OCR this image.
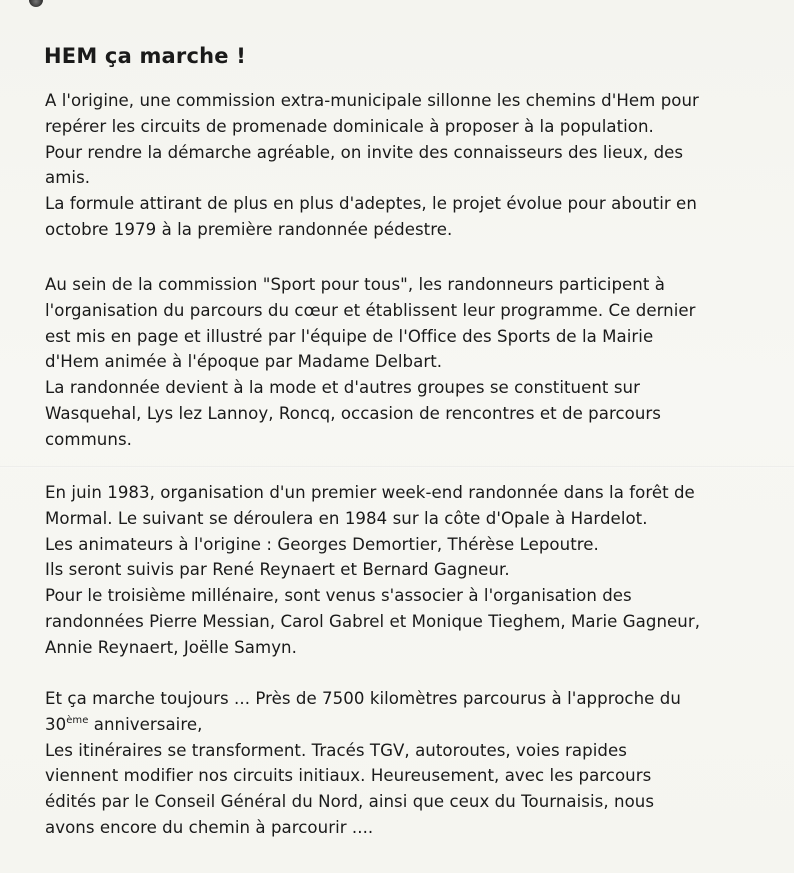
HEM ça marche !

A l'origine, une commission extra-municipale sillonne les chemins d'Hem pour
repérer les circuits de promenade dominicale à proposer à la population.
Pour rendre la démarche agréable, on invite des connaisseurs des lieux, des
amis.
La formule attirant de plus en plus d'adeptes, le projet évolue pour aboutir en
octobre 1979 à la première randonnée pédestre.

Au sein de la commission "Sport pour tous", les randonneurs participent à
l'organisation du parcours du cœur et établissent leur programme. Ce dernier
est mis en page et illustré par l'équipe de l'Office des Sports de la Mairie
d'Hem animée à l'époque par Madame Delbart.
La randonnée devient à la mode et d'autres groupes se constituent sur
Wasquehal, Lys lez Lannoy, Roncq, occasion de rencontres et de parcours
communs.

En juin 1983, organisation d'un premier week-end randonnée dans la forêt de
Mormal. Le suivant se déroulera en 1984 sur la côte d'Opale à Hardelot.
Les animateurs à l'origine : Georges Demortier, Thérèse Lepoutre.
Ils seront suivis par René Reynaert et Bernard Gagneur.
Pour le troisième millénaire, sont venus s'associer à l'organisation des
randonnées Pierre Messian, Carol Gabrel et Monique Tieghem, Marie Gagneur,
Annie Reynaert, Joëlle Samyn.

Et ça marche toujours ... Près de 7500 kilomètres parcourus à l'approche du
30ème anniversaire,
Les itinéraires se transforment. Tracés TGV, autoroutes, voies rapides
viennent modifier nos circuits initiaux. Heureusement, avec les parcours
édités par le Conseil Général du Nord, ainsi que ceux du Tournaisis, nous
avons encore du chemin à parcourir ....
